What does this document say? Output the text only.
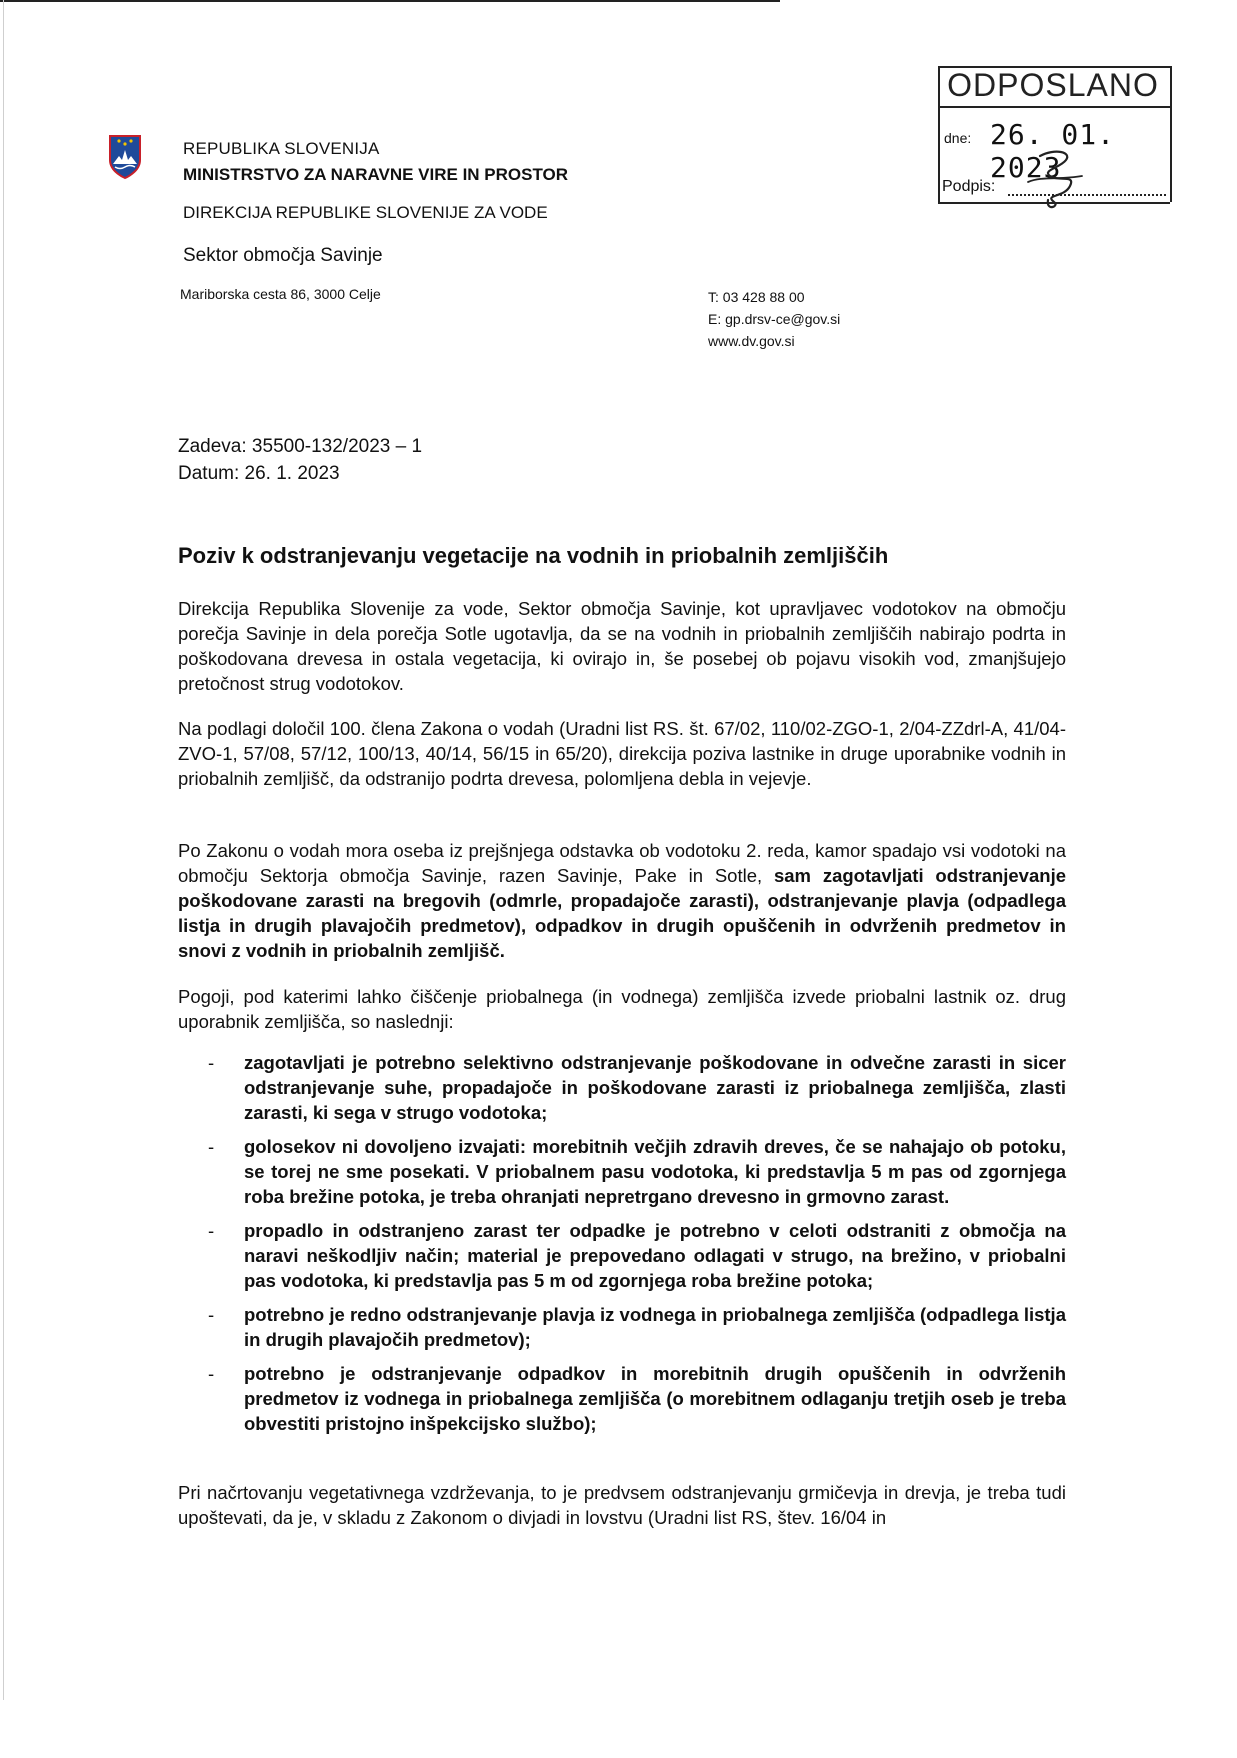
REPUBLIKA SLOVENIJA
MINISTRSTVO ZA NARAVNE VIRE IN PROSTOR
DIREKCIJA REPUBLIKE SLOVENIJE ZA VODE
Sektor območja Savinje
Mariborska cesta 86, 3000 Celje	T: 03 428 88 00
E: gp.drsv-ce@gov.si
www.dv.gov.si
ODPOSLANO
dne: 26. 01. 2023
Podpis:
Zadeva: 35500-132/2023 – 1
Datum: 26. 1. 2023
Poziv k odstranjevanju vegetacije na vodnih in priobalnih zemljiščih

Direkcija Republika Slovenije za vode, Sektor območja Savinje, kot upravljavec vodotokov na območju porečja Savinje in dela porečja Sotle ugotavlja, da se na vodnih in priobalnih zemljiščih nabirajo podrta in poškodovana drevesa in ostala vegetacija, ki ovirajo in, še posebej ob pojavu visokih vod, zmanjšujejo pretočnost strug vodotokov.

Na podlagi določil 100. člena Zakona o vodah (Uradni list RS. št. 67/02, 110/02-ZGO-1, 2/04-ZZdrl-A, 41/04-ZVO-1, 57/08, 57/12, 100/13, 40/14, 56/15 in 65/20), direkcija poziva lastnike in druge uporabnike vodnih in priobalnih zemljišč, da odstranijo podrta drevesa, polomljena debla in vejevje.

Po Zakonu o vodah mora oseba iz prejšnjega odstavka ob vodotoku 2. reda, kamor spadajo vsi vodotoki na območju Sektorja območja Savinje, razen Savinje, Pake in Sotle, sam zagotavljati odstranjevanje poškodovane zarasti na bregovih (odmrle, propadajoče zarasti), odstranjevanje plavja (odpadlega listja in drugih plavajočih predmetov), odpadkov in drugih opuščenih in odvrženih predmetov in snovi z vodnih in priobalnih zemljišč.

Pogoji, pod katerimi lahko čiščenje priobalnega (in vodnega) zemljišča izvede priobalni lastnik oz. drug uporabnik zemljišča, so naslednji:

- zagotavljati je potrebno selektivno odstranjevanje poškodovane in odvečne zarasti in sicer odstranjevanje suhe, propadajoče in poškodovane zarasti iz priobalnega zemljišča, zlasti zarasti, ki sega v strugo vodotoka;
- golosekov ni dovoljeno izvajati: morebitnih večjih zdravih dreves, če se nahajajo ob potoku, se torej ne sme posekati. V priobalnem pasu vodotoka, ki predstavlja 5 m pas od zgornjega roba brežine potoka, je treba ohranjati nepretrgano drevesno in grmovno zarast.
- propadlo in odstranjeno zarast ter odpadke je potrebno v celoti odstraniti z območja na naravi neškodljiv način; material je prepovedano odlagati v strugo, na brežino, v priobalni pas vodotoka, ki predstavlja pas 5 m od zgornjega roba brežine potoka;
- potrebno je redno odstranjevanje plavja iz vodnega in priobalnega zemljišča (odpadlega listja in drugih plavajočih predmetov);
- potrebno je odstranjevanje odpadkov in morebitnih drugih opuščenih in odvrženih predmetov iz vodnega in priobalnega zemljišča (o morebitnem odlaganju tretjih oseb je treba obvestiti pristojno inšpekcijsko službo);

Pri načrtovanju vegetativnega vzdrževanja, to je predvsem odstranjevanju grmičevja in drevja, je treba tudi upoštevati, da je, v skladu z Zakonom o divjadi in lovstvu (Uradni list RS, štev. 16/04 in
